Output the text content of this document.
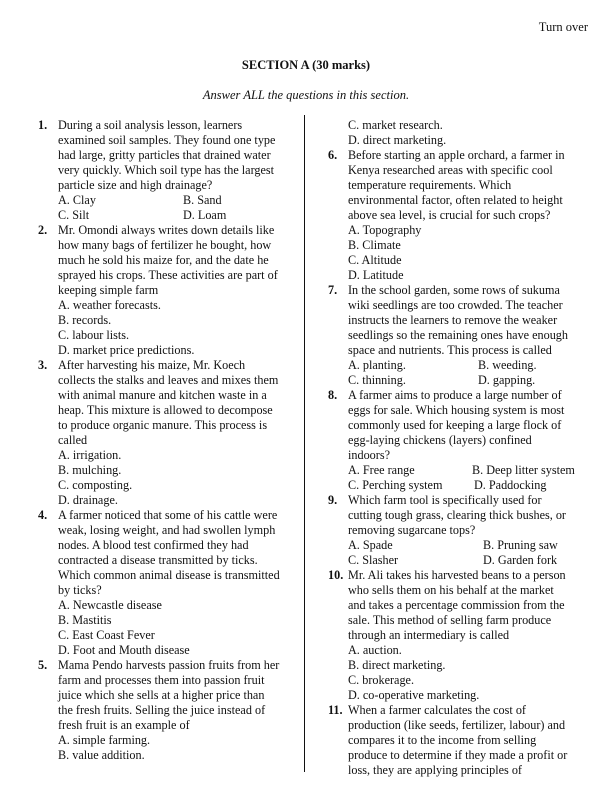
Turn over
SECTION A (30 marks)
Answer ALL the questions in this section.
1. During a soil analysis lesson, learners
examined soil samples. They found one type
had large, gritty particles that drained water
very quickly. Which soil type has the largest
particle size and high drainage?
A. Clay	B. Sand
C. Silt	D. Loam
2. Mr. Omondi always writes down details like
how many bags of fertilizer he bought, how
much he sold his maize for, and the date he
sprayed his crops. These activities are part of
keeping simple farm
A. weather forecasts.
B. records.
C. labour lists.
D. market price predictions.
3. After harvesting his maize, Mr. Koech
collects the stalks and leaves and mixes them
with animal manure and kitchen waste in a
heap. This mixture is allowed to decompose
to produce organic manure. This process is
called
A. irrigation.
B. mulching.
C. composting.
D. drainage.
4. A farmer noticed that some of his cattle were
weak, losing weight, and had swollen lymph
nodes. A blood test confirmed they had
contracted a disease transmitted by ticks.
Which common animal disease is transmitted
by ticks?
A. Newcastle disease
B. Mastitis
C. East Coast Fever
D. Foot and Mouth disease
5. Mama Pendo harvests passion fruits from her
farm and processes them into passion fruit
juice which she sells at a higher price than
the fresh fruits. Selling the juice instead of
fresh fruit is an example of
A. simple farming.
B. value addition.
C. market research.
D. direct marketing.
6. Before starting an apple orchard, a farmer in
Kenya researched areas with specific cool
temperature requirements. Which
environmental factor, often related to height
above sea level, is crucial for such crops?
A. Topography
B. Climate
C. Altitude
D. Latitude
7. In the school garden, some rows of sukuma
wiki seedlings are too crowded. The teacher
instructs the learners to remove the weaker
seedlings so the remaining ones have enough
space and nutrients. This process is called
A. planting.	B. weeding.
C. thinning.	D. gapping.
8. A farmer aims to produce a large number of
eggs for sale. Which housing system is most
commonly used for keeping a large flock of
egg-laying chickens (layers) confined
indoors?
A. Free range	B. Deep litter system
C. Perching system	D. Paddocking
9. Which farm tool is specifically used for
cutting tough grass, clearing thick bushes, or
removing sugarcane tops?
A. Spade	B. Pruning saw
C. Slasher	D. Garden fork
10. Mr. Ali takes his harvested beans to a person
who sells them on his behalf at the market
and takes a percentage commission from the
sale. This method of selling farm produce
through an intermediary is called
A. auction.
B. direct marketing.
C. brokerage.
D. co-operative marketing.
11. When a farmer calculates the cost of
production (like seeds, fertilizer, labour) and
compares it to the income from selling
produce to determine if they made a profit or
loss, they are applying principles of
